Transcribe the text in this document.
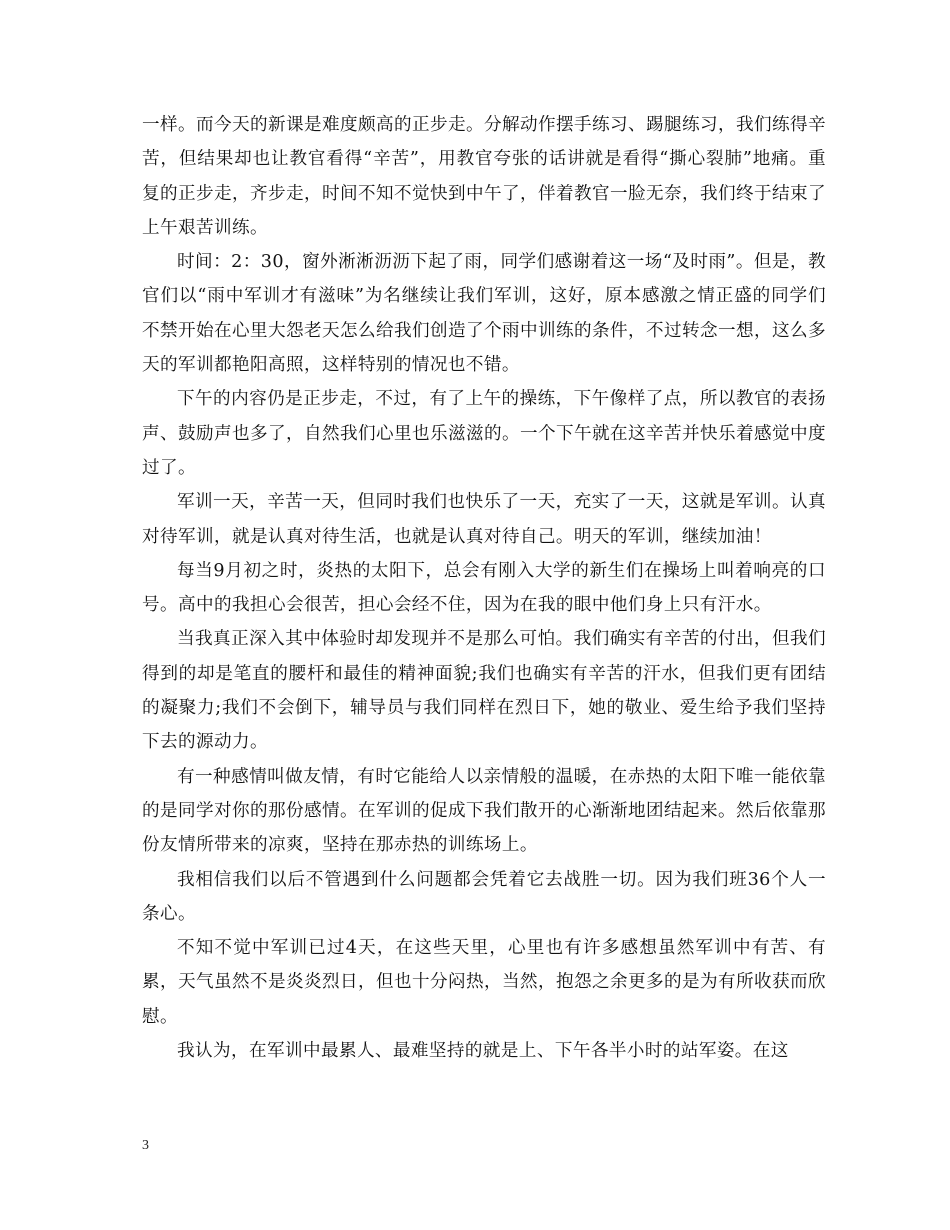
一样。而今天的新课是难度颇高的正步走。分解动作摆手练习、踢腿练习，我们练得辛苦，但结果却也让教官看得“辛苦”，用教官夸张的话讲就是看得“撕心裂肺”地痛。重复的正步走，齐步走，时间不知不觉快到中午了，伴着教官一脸无奈，我们终于结束了上午艰苦训练。

时间：2：30，窗外淅淅沥沥下起了雨，同学们感谢着这一场“及时雨”。但是，教官们以“雨中军训才有滋味”为名继续让我们军训，这好，原本感激之情正盛的同学们不禁开始在心里大怨老天怎么给我们创造了个雨中训练的条件，不过转念一想，这么多天的军训都艳阳高照，这样特别的情况也不错。

下午的内容仍是正步走，不过，有了上午的操练，下午像样了点，所以教官的表扬声、鼓励声也多了，自然我们心里也乐滋滋的。一个下午就在这辛苦并快乐着感觉中度过了。

军训一天，辛苦一天，但同时我们也快乐了一天，充实了一天，这就是军训。认真对待军训，就是认真对待生活，也就是认真对待自己。明天的军训，继续加油！

每当9月初之时，炎热的太阳下，总会有刚入大学的新生们在操场上叫着响亮的口号。高中的我担心会很苦，担心会经不住，因为在我的眼中他们身上只有汗水。

当我真正深入其中体验时却发现并不是那么可怕。我们确实有辛苦的付出，但我们得到的却是笔直的腰杆和最佳的精神面貌;我们也确实有辛苦的汗水，但我们更有团结的凝聚力;我们不会倒下，辅导员与我们同样在烈日下，她的敬业、爱生给予我们坚持下去的源动力。

有一种感情叫做友情，有时它能给人以亲情般的温暖，在赤热的太阳下唯一能依靠的是同学对你的那份感情。在军训的促成下我们散开的心渐渐地团结起来。然后依靠那份友情所带来的凉爽，坚持在那赤热的训练场上。

我相信我们以后不管遇到什么问题都会凭着它去战胜一切。因为我们班36个人一条心。

不知不觉中军训已过4天，在这些天里，心里也有许多感想虽然军训中有苦、有累，天气虽然不是炎炎烈日，但也十分闷热，当然，抱怨之余更多的是为有所收获而欣慰。

我认为，在军训中最累人、最难坚持的就是上、下午各半小时的站军姿。在这

3
